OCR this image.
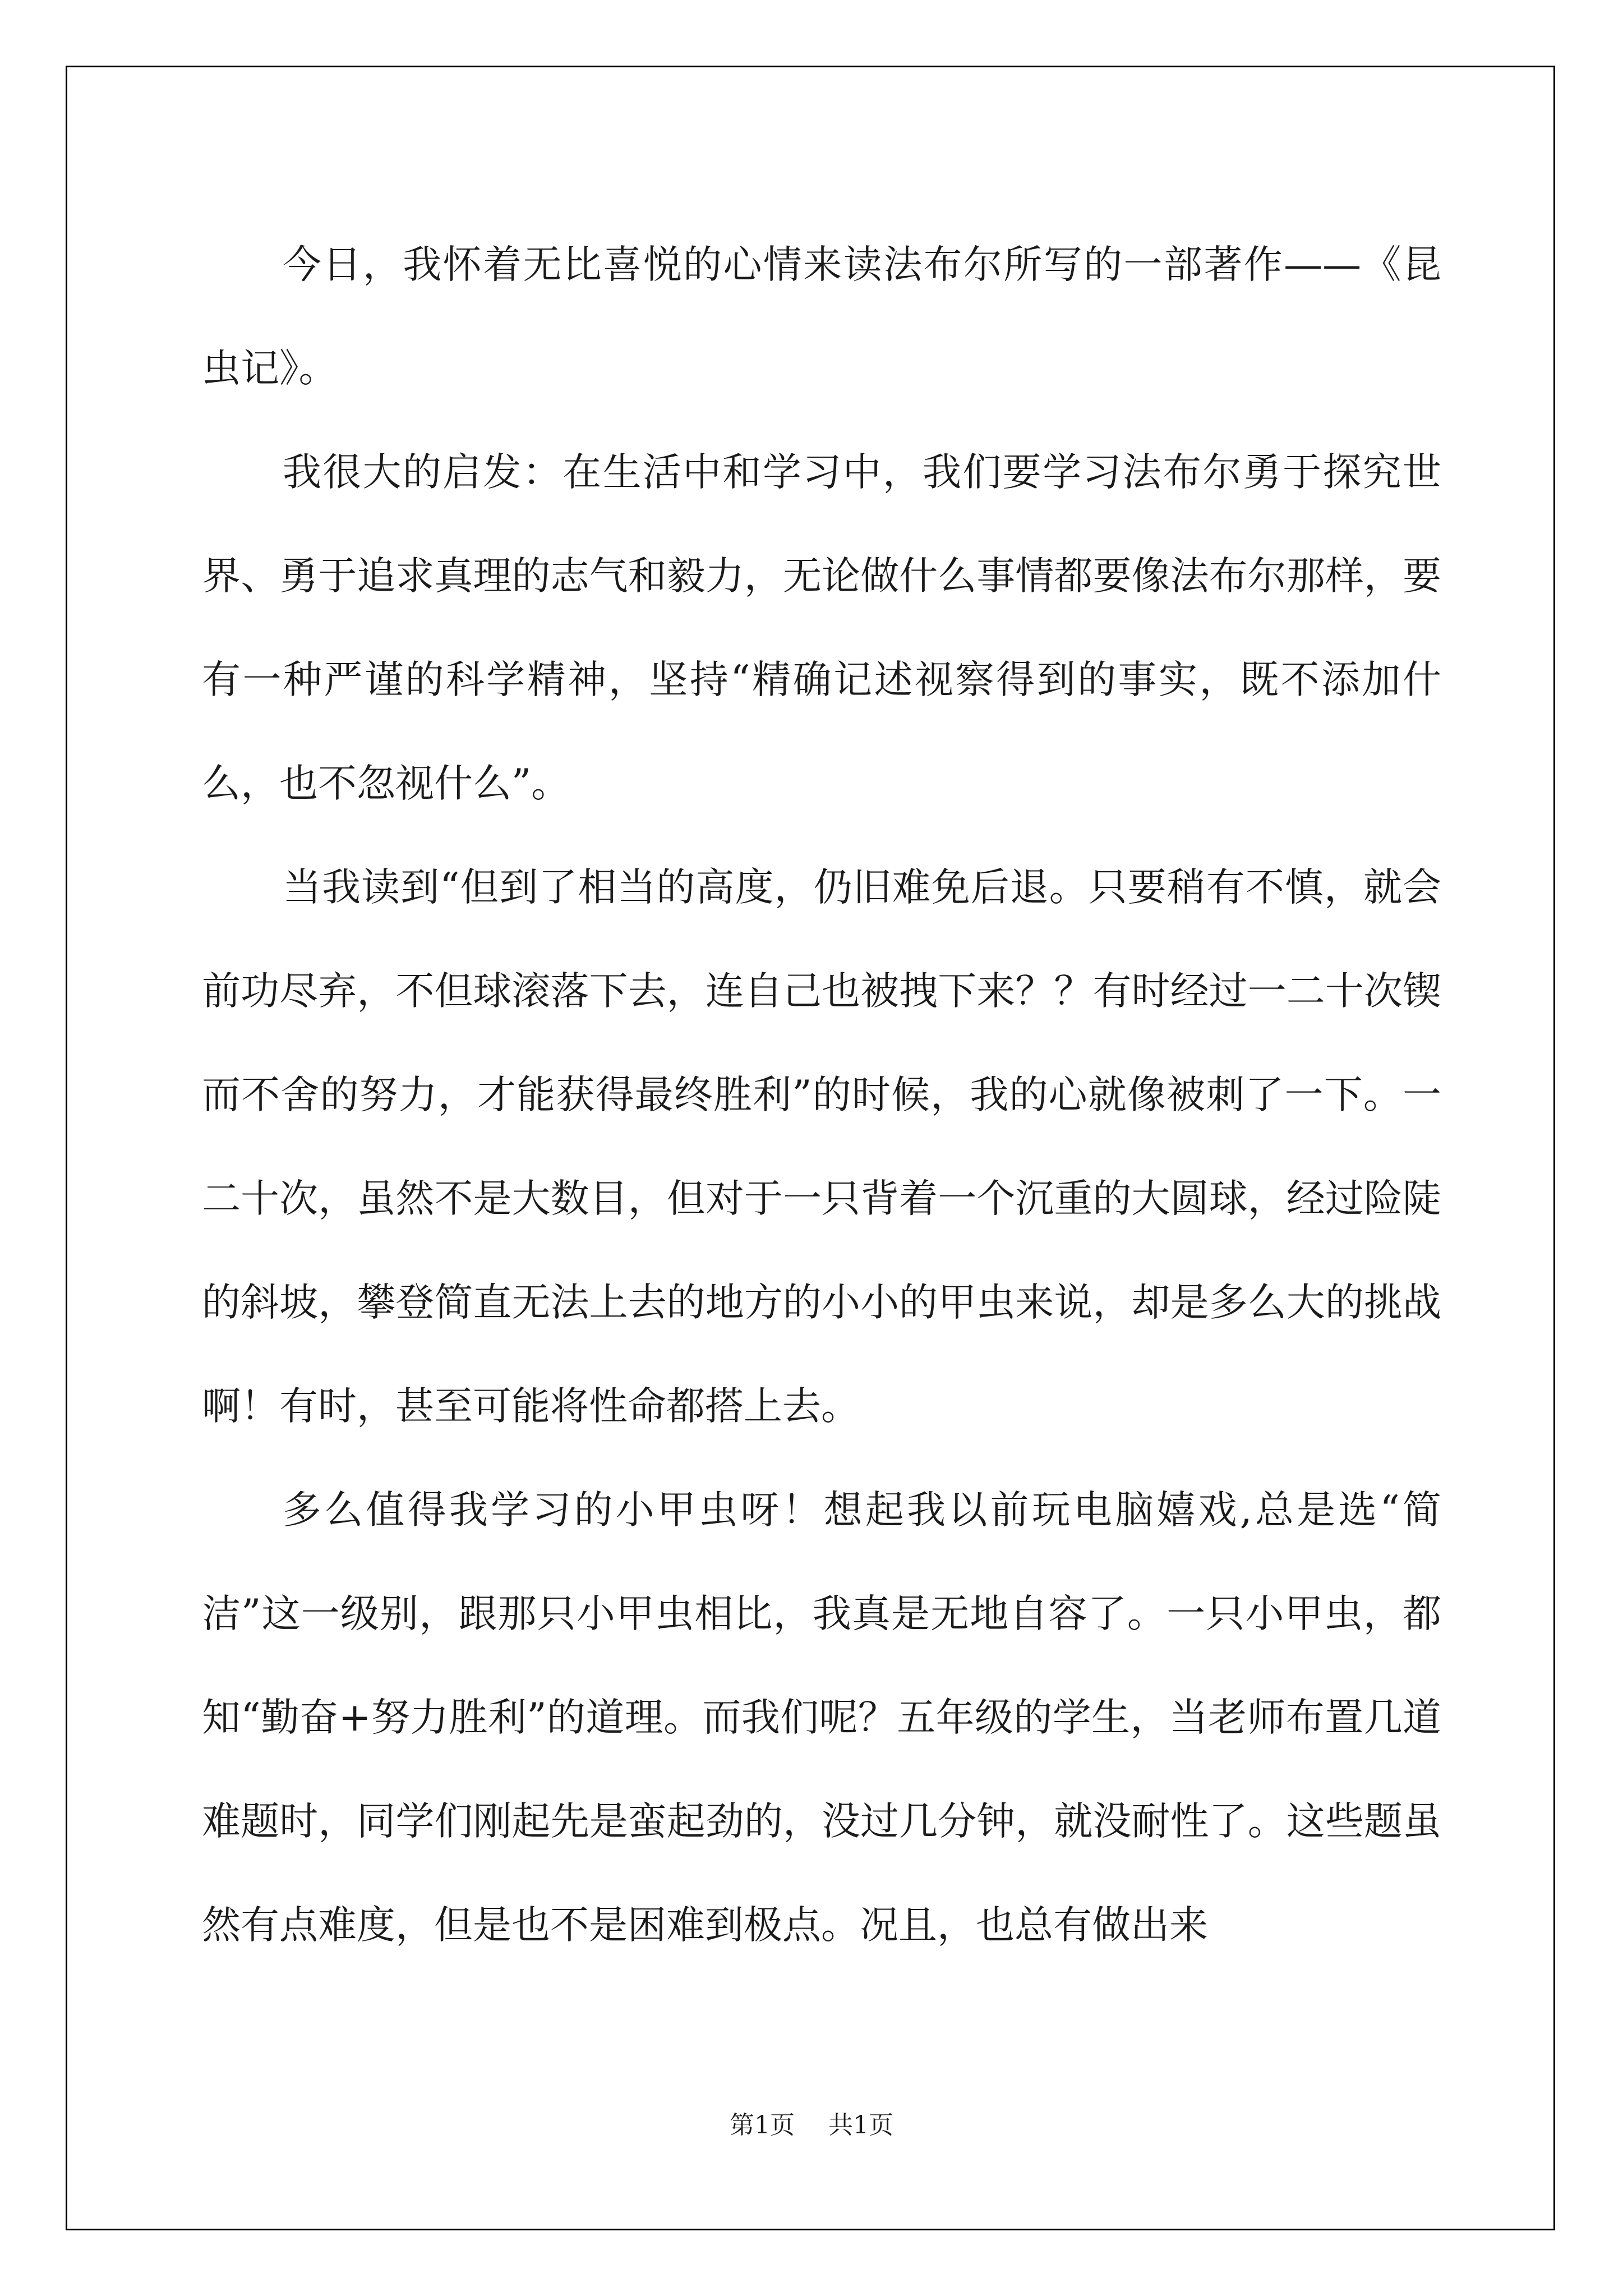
今日，我怀着无比喜悦的心情来读法布尔所写的一部著作——《昆虫记》。

我很大的启发：在生活中和学习中，我们要学习法布尔勇于探究世界、勇于追求真理的志气和毅力，无论做什么事情都要像法布尔那样，要有一种严谨的科学精神，坚持“精确记述视察得到的事实，既不添加什么，也不忽视什么”。

当我读到“但到了相当的高度，仍旧难免后退。只要稍有不慎，就会前功尽弃，不但球滚落下去，连自己也被拽下来？？有时经过一二十次锲而不舍的努力，才能获得最终胜利”的时候，我的心就像被刺了一下。一二十次，虽然不是大数目，但对于一只背着一个沉重的大圆球，经过险陡的斜坡，攀登简直无法上去的地方的小小的甲虫来说，却是多么大的挑战啊！有时，甚至可能将性命都搭上去。

多么值得我学习的小甲虫呀！想起我以前玩电脑嬉戏,总是选“简洁”这一级别，跟那只小甲虫相比，我真是无地自容了。一只小甲虫，都知“勤奋+努力胜利”的道理。而我们呢？五年级的学生，当老师布置几道难题时，同学们刚起先是蛮起劲的，没过几分钟，就没耐性了。这些题虽然有点难度，但是也不是困难到极点。况且，也总有做出来

第1页 共1页
